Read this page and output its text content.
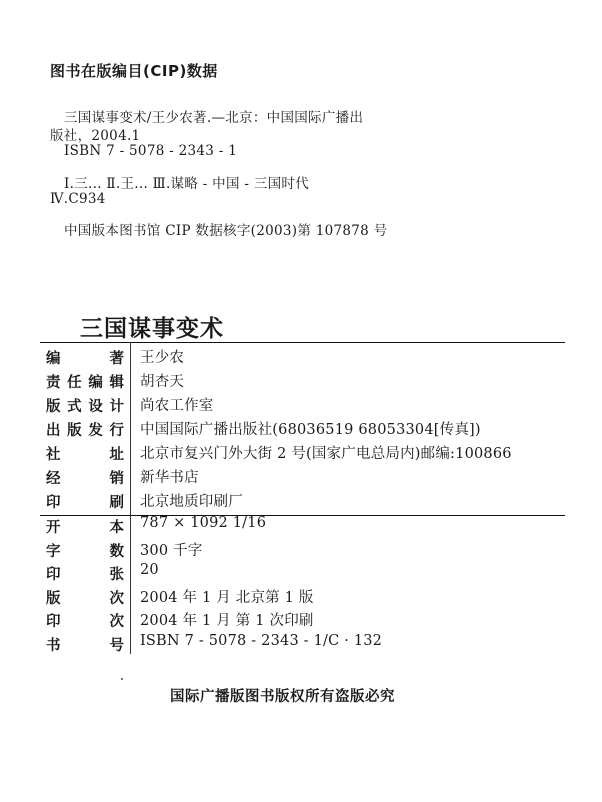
图书在版编目(CIP)数据
三国谋事变术/王少农著.—北京：中国国际广播出
版社，2004.1
ISBN 7 - 5078 - 2343 - 1
Ⅰ.三... Ⅱ.王... Ⅲ.谋略 - 中国 - 三国时代
Ⅳ.C934
中国版本图书馆 CIP 数据核字(2003)第 107878 号
三国谋事变术
编	著 王少农
责 任 编 辑 胡杏天
版 式 设 计 尚农工作室
出 版 发 行 中国国际广播出版社(68036519 68053304[传真])
社	址 北京市复兴门外大街 2 号(国家广电总局内)邮编:100866
经	销 新华书店
印	刷 北京地质印刷厂
开	本 787 × 1092 1/16
字	数 300 千字
印	张 20
版	次 2004 年 1 月 北京第 1 版
印	次 2004 年 1 月 第 1 次印刷
书	号 ISBN 7 - 5078 - 2343 - 1/C · 132
国际广播版图书版权所有盗版必究
